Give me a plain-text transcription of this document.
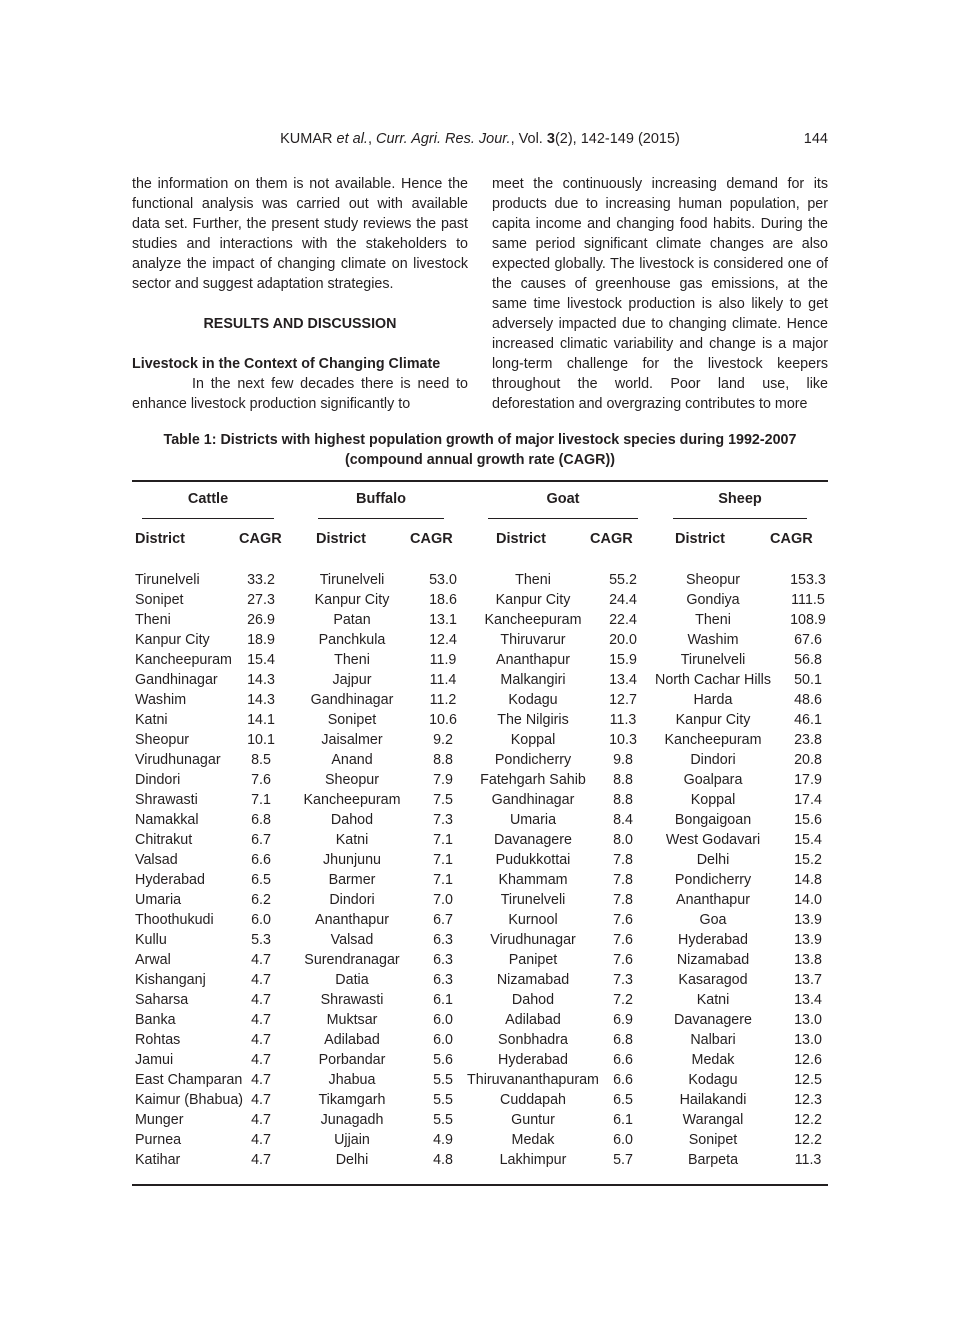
KUMAR et al., Curr. Agri. Res. Jour., Vol. 3(2), 142-149 (2015)	144

the information on them is not available. Hence the functional analysis was carried out with available data set. Further, the present study reviews the past studies and interactions with the stakeholders to analyze the impact of changing climate on livestock sector and suggest adaptation strategies.

RESULTS AND DISCUSSION

Livestock in the Context of Changing Climate

In the next few decades there is need to enhance livestock production significantly to

meet the continuously increasing demand for its products due to increasing human population, per capita income and changing food habits. During the same period significant climate changes are also expected globally. The livestock is considered one of the causes of greenhouse gas emissions, at the same time livestock production is also likely to get adversely impacted due to changing climate. Hence increased climatic variability and change is a major long-term challenge for the livestock keepers throughout the world. Poor land use, like deforestation and overgrazing contributes to more

Table 1: Districts with highest population growth of major livestock species during 1992-2007
(compound annual growth rate (CAGR))
Cattle	Buffalo	Goat	Sheep
District	CAGR District	CAGR	District	CAGR	District	CAGR
Tirunelveli	33.2	Tirunelveli	53.0	Theni	55.2	Sheopur	153.3
Sonipet	27.3	Kanpur City	18.6	Kanpur City	24.4	Gondiya	111.5
Theni	26.9	Patan	13.1	Kancheepuram	22.4	Theni	108.9
Kanpur City	18.9	Panchkula	12.4	Thiruvarur	20.0	Washim	67.6
Kancheepuram	15.4	Theni	11.9	Ananthapur	15.9	Tirunelveli	56.8
Gandhinagar	14.3	Jajpur	11.4	Malkangiri	13.4	North Cachar Hills	50.1
Washim	14.3	Gandhinagar	11.2	Kodagu	12.7	Harda	48.6
Katni	14.1	Sonipet	10.6	The Nilgiris	11.3	Kanpur City	46.1
Sheopur	10.1	Jaisalmer	9.2	Koppal	10.3	Kancheepuram	23.8
Virudhunagar	8.5	Anand	8.8	Pondicherry	9.8	Dindori	20.8
Dindori	7.6	Sheopur	7.9	Fatehgarh Sahib	8.8	Goalpara	17.9
Shrawasti	7.1	Kancheepuram	7.5	Gandhinagar	8.8	Koppal	17.4
Namakkal	6.8	Dahod	7.3	Umaria	8.4	Bongaigoan	15.6
Chitrakut	6.7	Katni	7.1	Davanagere	8.0	West Godavari	15.4
Valsad	6.6	Jhunjunu	7.1	Pudukkottai	7.8	Delhi	15.2
Hyderabad	6.5	Barmer	7.1	Khammam	7.8	Pondicherry	14.8
Umaria	6.2	Dindori	7.0	Tirunelveli	7.8	Ananthapur	14.0
Thoothukudi	6.0	Ananthapur	6.7	Kurnool	7.6	Goa	13.9
Kullu	5.3	Valsad	6.3	Virudhunagar	7.6	Hyderabad	13.9
Arwal	4.7	Surendranagar	6.3	Panipet	7.6	Nizamabad	13.8
Kishanganj	4.7	Datia	6.3	Nizamabad	7.3	Kasaragod	13.7
Saharsa	4.7	Shrawasti	6.1	Dahod	7.2	Katni	13.4
Banka	4.7	Muktsar	6.0	Adilabad	6.9	Davanagere	13.0
Rohtas	4.7	Adilabad	6.0	Sonbhadra	6.8	Nalbari	13.0
Jamui	4.7	Porbandar	5.6	Hyderabad	6.6	Medak	12.6
East Champaran	4.7	Jhabua	5.5	Thiruvananthapuram	6.6	Kodagu	12.5
Kaimur (Bhabua)	4.7	Tikamgarh	5.5	Cuddapah	6.5	Hailakandi	12.3
Munger	4.7	Junagadh	5.5	Guntur	6.1	Warangal	12.2
Purnea	4.7	Ujjain	4.9	Medak	6.0	Sonipet	12.2
Katihar	4.7	Delhi	4.8	Lakhimpur	5.7	Barpeta	11.3
